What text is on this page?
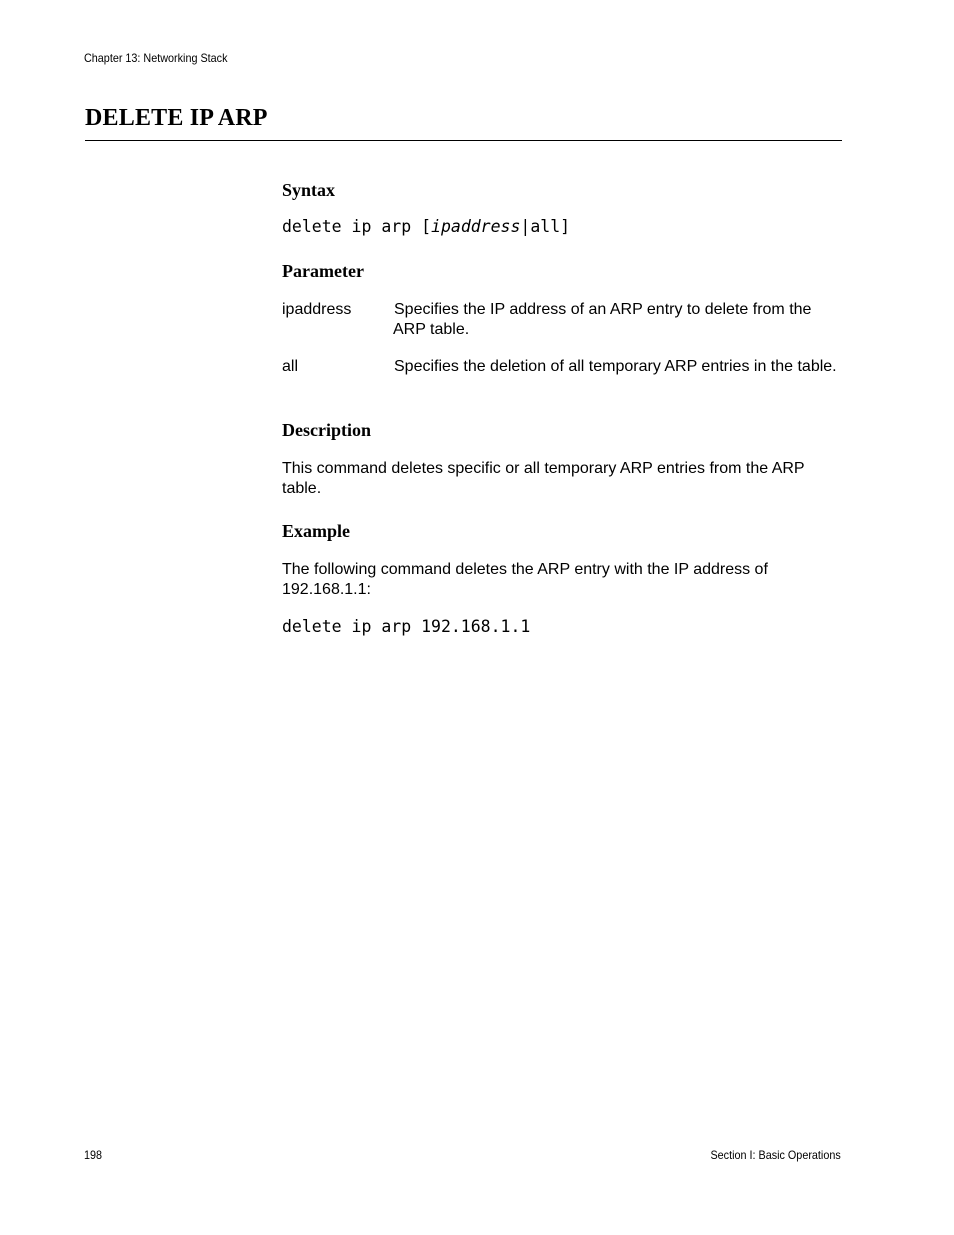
Chapter 13: Networking Stack
DELETE IP ARP
Syntax
delete ip arp [ipaddress|all]
Parameter
ipaddress	Specifies the IP address of an ARP entry to delete from the ARP table.
all	Specifies the deletion of all temporary ARP entries in the table.
Description

This command deletes specific or all temporary ARP entries from the ARP table.

Example

The following command deletes the ARP entry with the IP address of 192.168.1.1:

delete ip arp 192.168.1.1
198	Section I: Basic Operations
